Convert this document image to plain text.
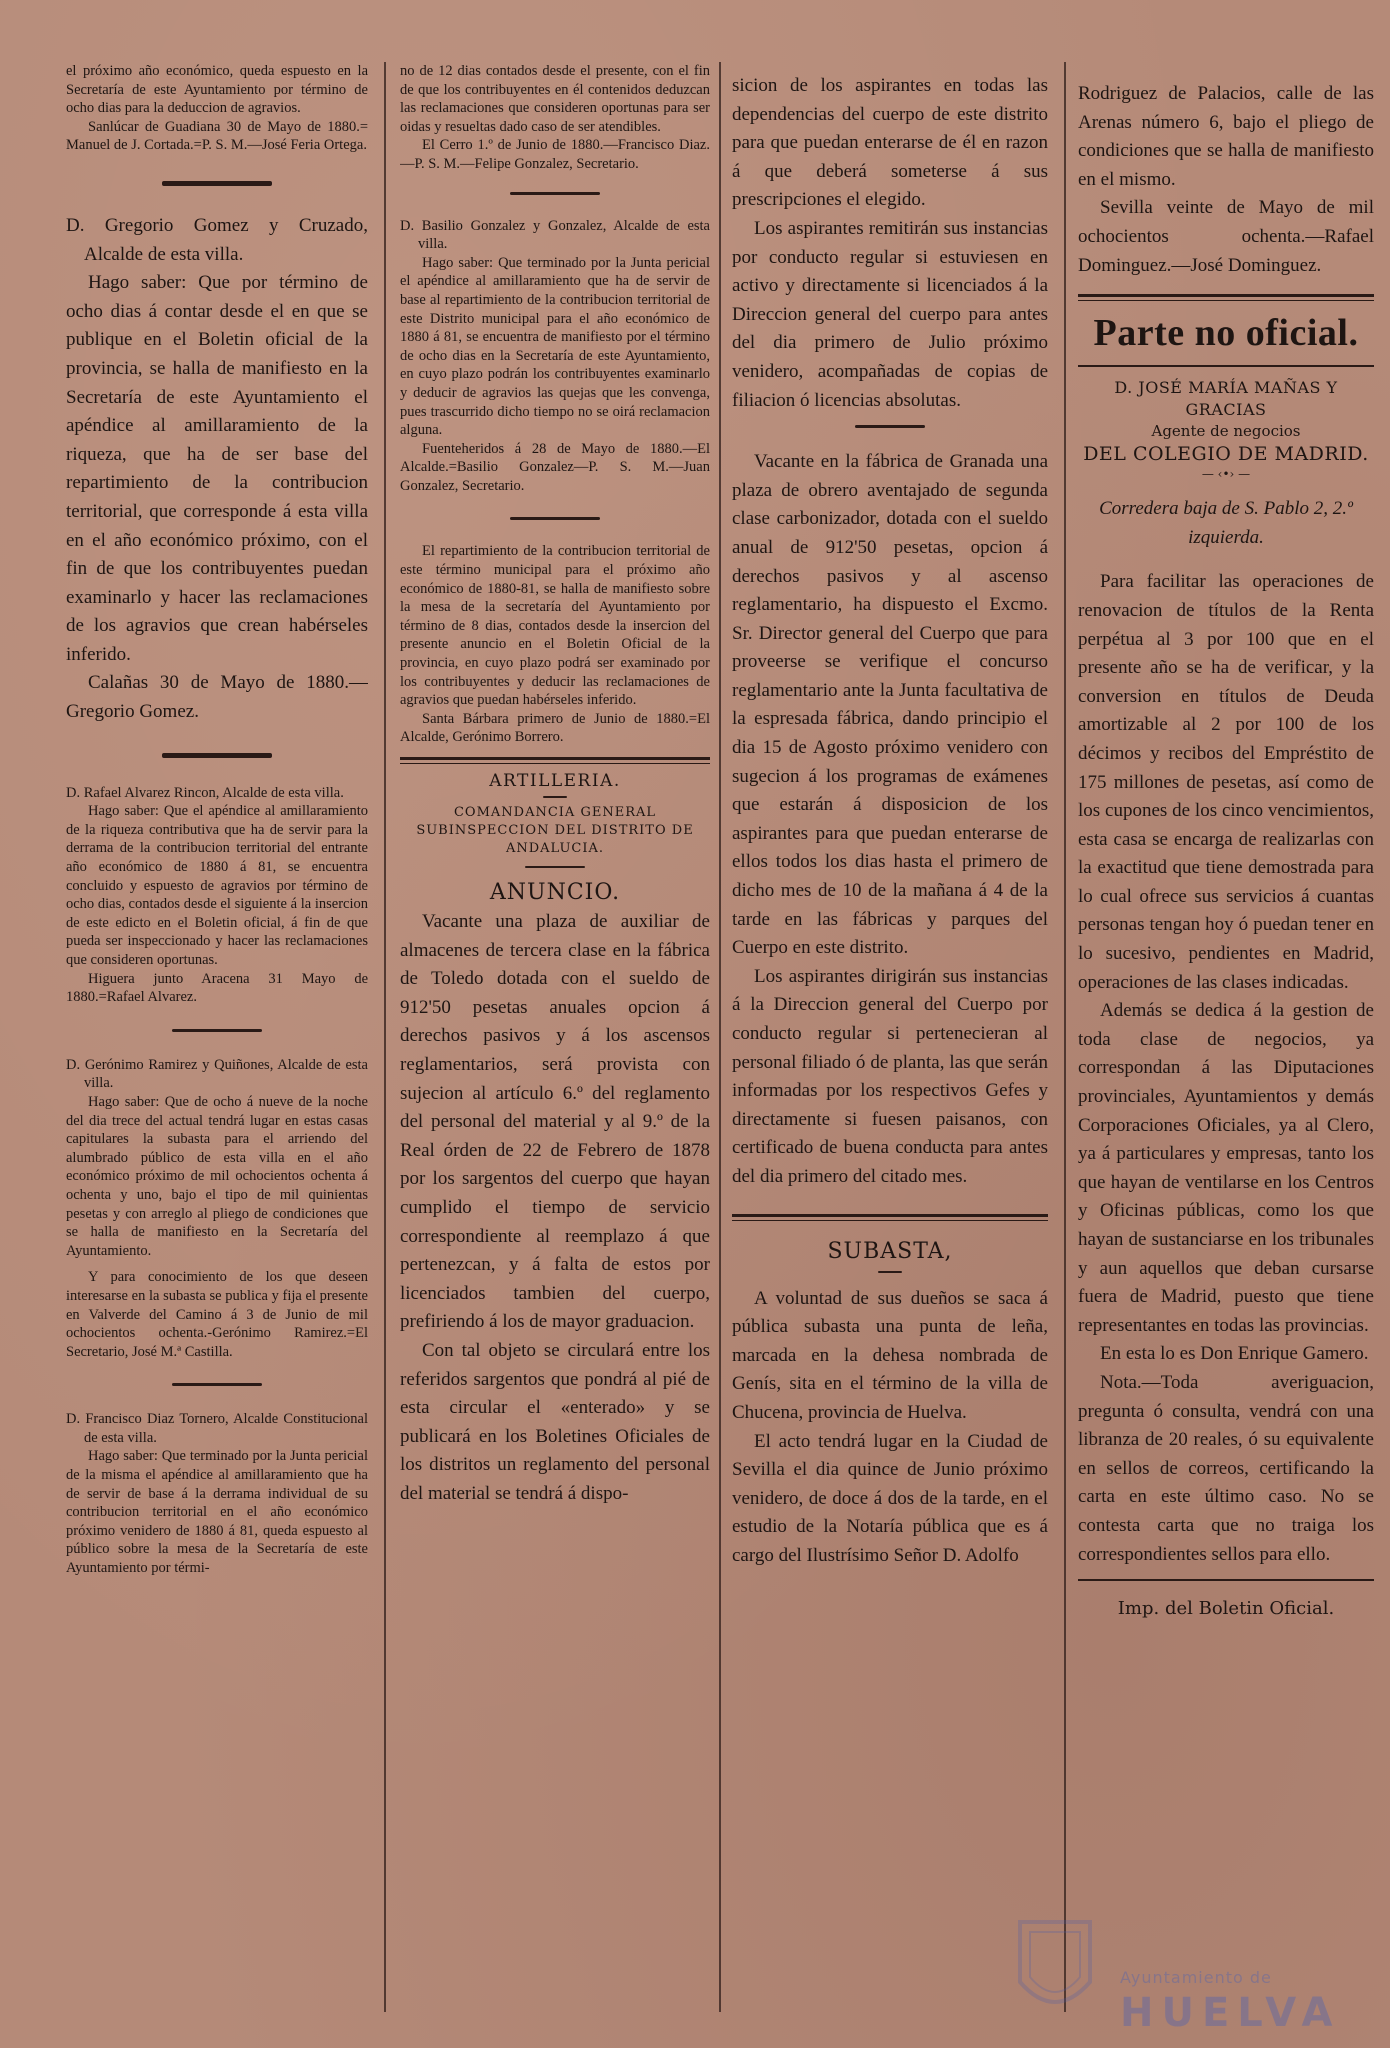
el próximo año económico, queda espuesto en la Secretaría de este Ayuntamiento por término de ocho dias para la deduccion de agravios.

Sanlúcar de Guadiana 30 de Mayo de 1880.= Manuel de J. Cortada.=P. S. M.—José Feria Ortega.

D. Gregorio Gomez y Cruzado, Alcalde de esta villa.

Hago saber: Que por término de ocho dias á contar desde el en que se publique en el Boletin oficial de la provincia, se halla de manifiesto en la Secretaría de este Ayuntamiento el apéndice al amillaramiento de la riqueza, que ha de ser base del repartimiento de la contribucion territorial, que corresponde á esta villa en el año económico próximo, con el fin de que los contribuyentes puedan examinarlo y hacer las reclamaciones de los agravios que crean habérseles inferido.

Calañas 30 de Mayo de 1880.—Gregorio Gomez.

D. Rafael Alvarez Rincon, Alcalde de esta villa.

Hago saber: Que el apéndice al amillaramiento de la riqueza contributiva que ha de servir para la derrama de la contribucion territorial del entrante año económico de 1880 á 81, se encuentra concluido y espuesto de agravios por término de ocho dias, contados desde el siguiente á la insercion de este edicto en el Boletin oficial, á fin de que pueda ser inspeccionado y hacer las reclamaciones que consideren oportunas.

Higuera junto Aracena 31 Mayo de 1880.=Rafael Alvarez.

D. Gerónimo Ramirez y Quiñones, Alcalde de esta villa.

Hago saber: Que de ocho á nueve de la noche del dia trece del actual tendrá lugar en estas casas capitulares la subasta para el arriendo del alumbrado público de esta villa en el año económico próximo de mil ochocientos ochenta á ochenta y uno, bajo el tipo de mil quinientas pesetas y con arreglo al pliego de condiciones que se halla de manifiesto en la Secretaría del Ayuntamiento.

Y para conocimiento de los que deseen interesarse en la subasta se publica y fija el presente en Valverde del Camino á 3 de Junio de mil ochocientos ochenta.-Gerónimo Ramirez.=El Secretario, José M.ª Castilla.

D. Francisco Diaz Tornero, Alcalde Constitucional de esta villa.

Hago saber: Que terminado por la Junta pericial de la misma el apéndice al amillaramiento que ha de servir de base á la derrama individual de su contribucion territorial en el año económico próximo venidero de 1880 á 81, queda espuesto al público sobre la mesa de la Secretaría de este Ayuntamiento por térmi-

no de 12 dias contados desde el presente, con el fin de que los contribuyentes en él contenidos deduzcan las reclamaciones que consideren oportunas para ser oidas y resueltas dado caso de ser atendibles.

El Cerro 1.º de Junio de 1880.—Francisco Diaz.—P. S. M.—Felipe Gonzalez, Secretario.

D. Basilio Gonzalez y Gonzalez, Alcalde de esta villa.

Hago saber: Que terminado por la Junta pericial el apéndice al amillaramiento que ha de servir de base al repartimiento de la contribucion territorial de este Distrito municipal para el año económico de 1880 á 81, se encuentra de manifiesto por el término de ocho dias en la Secretaría de este Ayuntamiento, en cuyo plazo podrán los contribuyentes examinarlo y deducir de agravios las quejas que les convenga, pues trascurrido dicho tiempo no se oirá reclamacion alguna.

Fuenteheridos á 28 de Mayo de 1880.—El Alcalde.=Basilio Gonzalez—P. S. M.—Juan Gonzalez, Secretario.

El repartimiento de la contribucion territorial de este término municipal para el próximo año económico de 1880-81, se halla de manifiesto sobre la mesa de la secretaría del Ayuntamiento por término de 8 dias, contados desde la insercion del presente anuncio en el Boletin Oficial de la provincia, en cuyo plazo podrá ser examinado por los contribuyentes y deducir las reclamaciones de agravios que puedan habérseles inferido.

Santa Bárbara primero de Junio de 1880.=El Alcalde, Gerónimo Borrero.

ARTILLERIA.

COMANDANCIA GENERAL SUBINSPECCION DEL DISTRITO DE ANDALUCIA.

ANUNCIO.

Vacante una plaza de auxiliar de almacenes de tercera clase en la fábrica de Toledo dotada con el sueldo de 912'50 pesetas anuales opcion á derechos pasivos y á los ascensos reglamentarios, será provista con sujecion al artículo 6.º del reglamento del personal del material y al 9.º de la Real órden de 22 de Febrero de 1878 por los sargentos del cuerpo que hayan cumplido el tiempo de servicio correspondiente al reemplazo á que pertenezcan, y á falta de estos por licenciados tambien del cuerpo, prefiriendo á los de mayor graduacion.

Con tal objeto se circulará entre los referidos sargentos que pondrá al pié de esta circular el «enterado» y se publicará en los Boletines Oficiales de los distritos un reglamento del personal del material se tendrá á dispo-

sicion de los aspirantes en todas las dependencias del cuerpo de este distrito para que puedan enterarse de él en razon á que deberá someterse á sus prescripciones el elegido.

Los aspirantes remitirán sus instancias por conducto regular si estuviesen en activo y directamente si licenciados á la Direccion general del cuerpo para antes del dia primero de Julio próximo venidero, acompañadas de copias de filiacion ó licencias absolutas.

Vacante en la fábrica de Granada una plaza de obrero aventajado de segunda clase carbonizador, dotada con el sueldo anual de 912'50 pesetas, opcion á derechos pasivos y al ascenso reglamentario, ha dispuesto el Excmo. Sr. Director general del Cuerpo que para proveerse se verifique el concurso reglamentario ante la Junta facultativa de la espresada fábrica, dando principio el dia 15 de Agosto próximo venidero con sugecion á los programas de exámenes que estarán á disposicion de los aspirantes para que puedan enterarse de ellos todos los dias hasta el primero de dicho mes de 10 de la mañana á 4 de la tarde en las fábricas y parques del Cuerpo en este distrito.

Los aspirantes dirigirán sus instancias á la Direccion general del Cuerpo por conducto regular si pertenecieran al personal filiado ó de planta, las que serán informadas por los respectivos Gefes y directamente si fuesen paisanos, con certificado de buena conducta para antes del dia primero del citado mes.

SUBASTA,

A voluntad de sus dueños se saca á pública subasta una punta de leña, marcada en la dehesa nombrada de Genís, sita en el término de la villa de Chucena, provincia de Huelva.

El acto tendrá lugar en la Ciudad de Sevilla el dia quince de Junio próximo venidero, de doce á dos de la tarde, en el estudio de la Notaría pública que es á cargo del Ilustrísimo Señor D. Adolfo

Rodriguez de Palacios, calle de las Arenas número 6, bajo el pliego de condiciones que se halla de manifiesto en el mismo.

Sevilla veinte de Mayo de mil ochocientos ochenta.—Rafael Dominguez.—José Dominguez.

Parte no oficial.

D. JOSÉ MARÍA MAÑAS Y GRACIAS

Agente de negocios

DEL COLEGIO DE MADRID.

— ‹•› —

Corredera baja de S. Pablo 2, 2.º izquierda.

Para facilitar las operaciones de renovacion de títulos de la Renta perpétua al 3 por 100 que en el presente año se ha de verificar, y la conversion en títulos de Deuda amortizable al 2 por 100 de los décimos y recibos del Empréstito de 175 millones de pesetas, así como de los cupones de los cinco vencimientos, esta casa se encarga de realizarlas con la exactitud que tiene demostrada para lo cual ofrece sus servicios á cuantas personas tengan hoy ó puedan tener en lo sucesivo, pendientes en Madrid, operaciones de las clases indicadas.

Además se dedica á la gestion de toda clase de negocios, ya correspondan á las Diputaciones provinciales, Ayuntamientos y demás Corporaciones Oficiales, ya al Clero, ya á particulares y empresas, tanto los que hayan de ventilarse en los Centros y Oficinas públicas, como los que hayan de sustanciarse en los tribunales y aun aquellos que deban cursarse fuera de Madrid, puesto que tiene representantes en todas las provincias.

En esta lo es Don Enrique Gamero.

Nota.—Toda averiguacion, pregunta ó consulta, vendrá con una libranza de 20 reales, ó su equivalente en sellos de correos, certificando la carta en este último caso. No se contesta carta que no traiga los correspondientes sellos para ello.

Imp. del Boletin Oficial.

Ayuntamiento de
HUELVA
